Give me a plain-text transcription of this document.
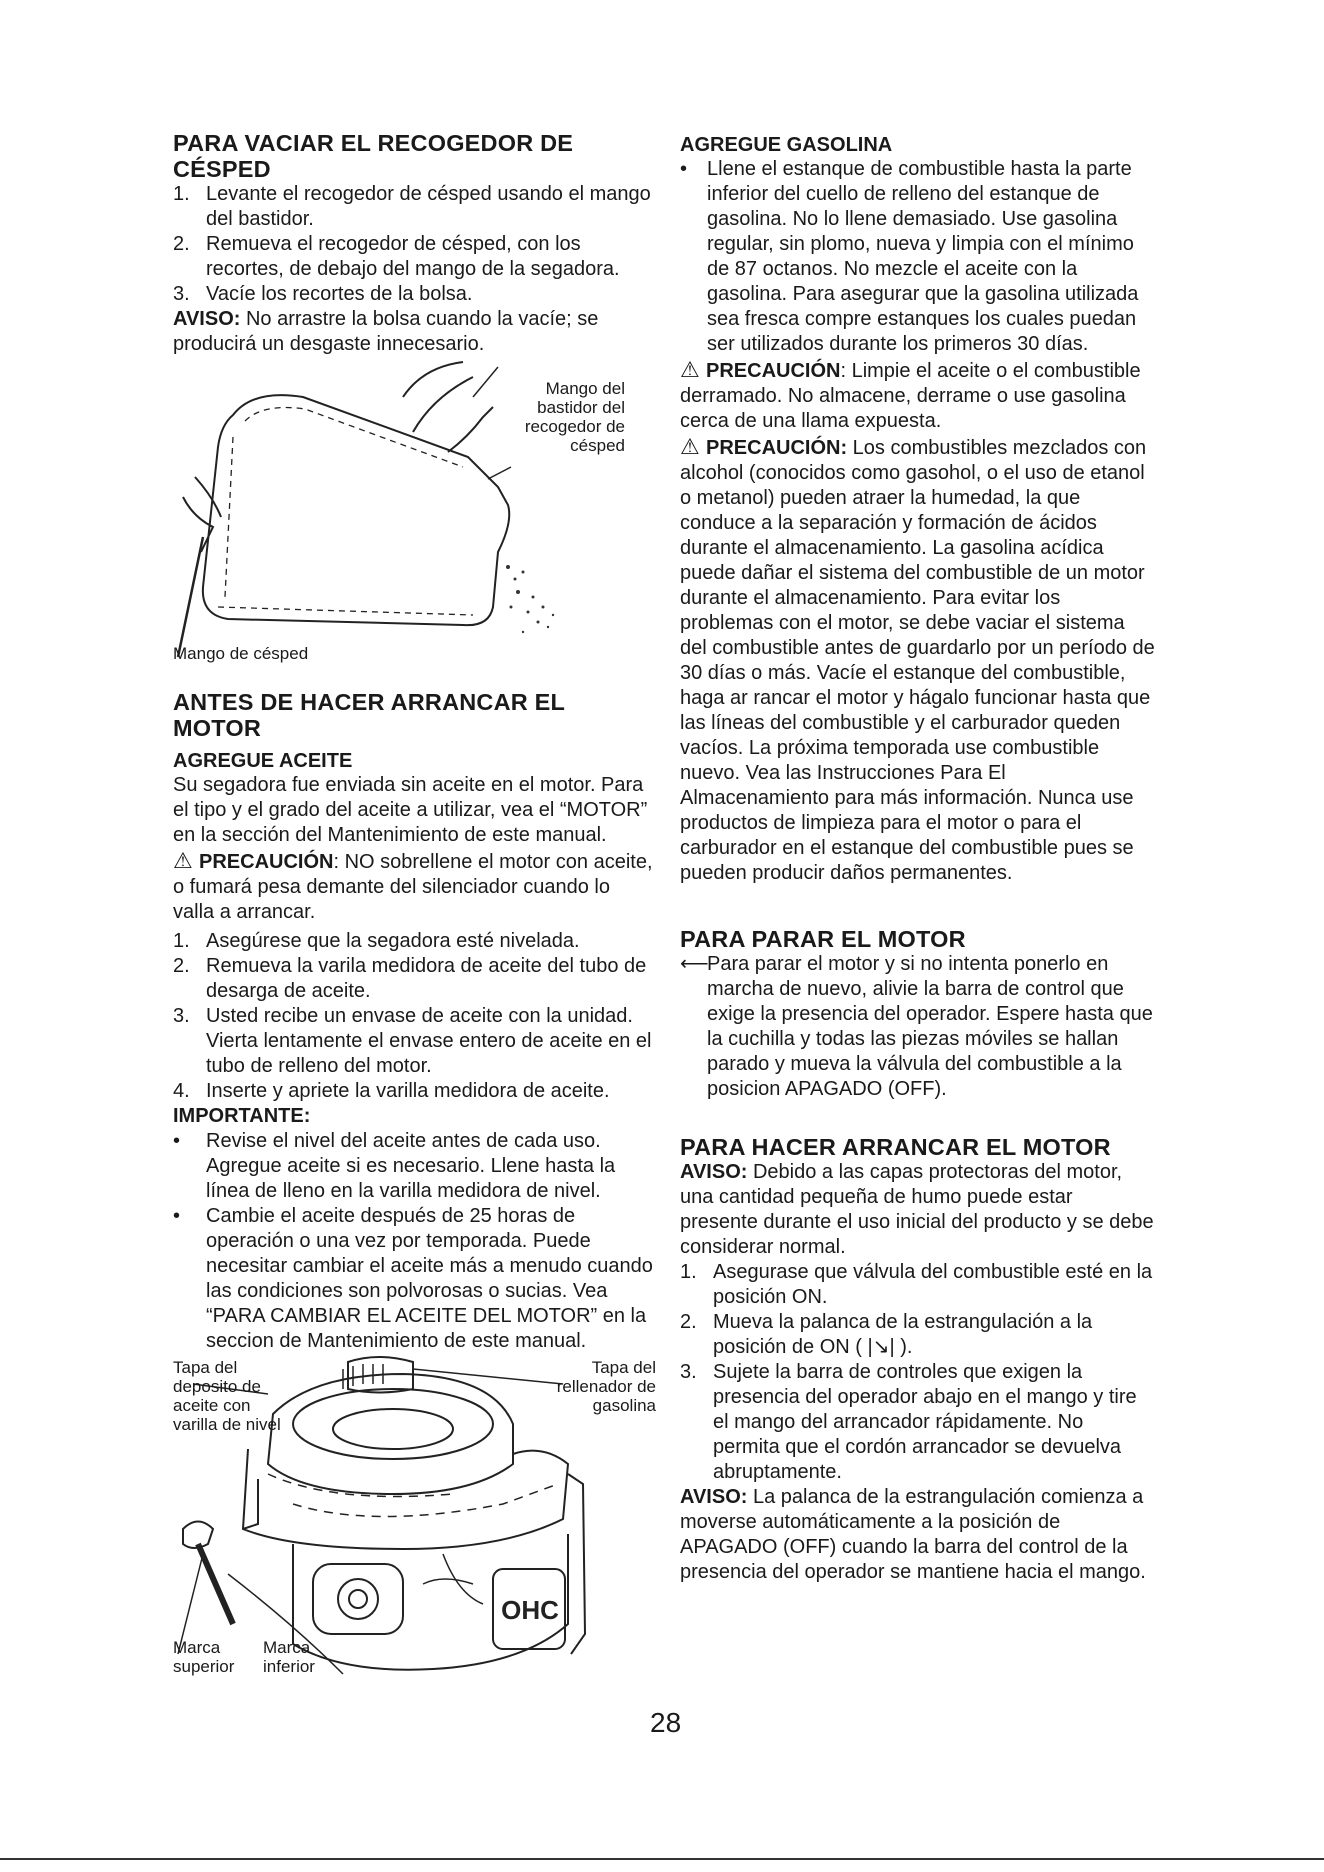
PARA VACIAR EL RECOGEDOR DE CÉSPED
1. Levante el recogedor de césped usando el mango del bastidor.
2. Remueva el recogedor de césped, con los recortes, de debajo del mango de la segadora.
3. Vacíe los recortes de la bolsa.

AVISO: No arrastre la bolsa cuando la vacíe; se producirá un desgaste innecesario.

Mango del bastidor del recogedor de césped
Mango de césped
ANTES DE HACER ARRANCAR EL MOTOR
AGREGUE ACEITE

Su segadora fue enviada sin aceite en el motor. Para el tipo y el grado del aceite a utilizar, vea el “MOTOR” en la sección del Mantenimiento de este manual.

⚠ PRECAUCIÓN: NO sobrellene el motor con aceite, o fumará pesa demante del silenciador cuando lo valla a arrancar.

1. Asegúrese que la segadora esté nivelada.
2. Remueva la varila medidora de aceite del tubo de desarga de aceite.
3. Usted recibe un envase de aceite con la unidad. Vierta lentamente el envase entero de aceite en el tubo de relleno del motor.
4. Inserte y apriete la varilla medidora de aceite.

IMPORTANTE:

• Revise el nivel del aceite antes de cada uso. Agregue aceite si es necesario. Llene hasta la línea de lleno en la varilla medidora de nivel.
• Cambie el aceite después de 25 horas de operación o una vez por temporada. Puede necesitar cambiar el aceite más a menudo cuando las condiciones son polvorosas o sucias. Vea “PARA CAMBIAR EL ACEITE DEL MOTOR” en la seccion de Mantenimiento de este manual.
OHC
Tapa del deposito de aceite con varilla de nivel
Tapa del rellenador de gasolina
Marca superior
Marca inferior
AGREGUE GASOLINA
• Llene el estanque de combustible hasta la parte inferior del cuello de relleno del estanque de gasolina. No lo llene demasiado. Use gasolina regular, sin plomo, nueva y limpia con el mínimo de 87 octanos. No mezcle el aceite con la gasolina. Para asegurar que la gasolina utilizada sea fresca compre estanques los cuales puedan ser utilizados durante los primeros 30 días.

⚠ PRECAUCIÓN: Limpie el aceite o el combustible derramado. No almacene, derrame o use gasolina cerca de una llama expuesta.

⚠ PRECAUCIÓN: Los combustibles mezclados con alcohol (conocidos como gasohol, o el uso de etanol o metanol) pueden atraer la humedad, la que conduce a la separación y formación de ácidos durante el almacenamiento. La gasolina acídica puede dañar el sistema del combustible de un motor durante el almacenamiento. Para evitar los problemas con el motor, se debe vaciar el sistema del combustible antes de guardarlo por un período de 30 días o más. Vacíe el estanque del combustible, haga ar rancar el motor y hágalo funcionar hasta que las líneas del combustible y el carburador queden vacíos. La próxima temporada use combustible nuevo. Vea las Instrucciones Para El Almacenamiento para más información. Nunca use productos de limpieza para el motor o para el carburador en el estanque del combustible pues se pueden producir daños permanentes.

PARA PARAR EL MOTOR
⟵
Para parar el motor y si no intenta ponerlo en marcha de nuevo, alivie la barra de control que exige la presencia del operador. Espere hasta que la cuchilla y todas las piezas móviles se hallan parado y mueva la válvula del combustible a la posicion APAGADO (OFF).
PARA HACER ARRANCAR EL MOTOR

AVISO: Debido a las capas protectoras del motor, una cantidad pequeña de humo puede estar presente durante el uso inicial del producto y se debe considerar normal.

1. Asegurase que válvula del combustible esté en la posición ON.
2. Mueva la palanca de la estrangulación a la posición de ON ( |↘| ).
3. Sujete la barra de controles que exigen la presencia del operador abajo en el mango y tire el mango del arrancador rápidamente. No permita que el cordón arrancador se devuelva abruptamente.

AVISO: La palanca de la estrangulación comienza a moverse automáticamente a la posición de APAGADO (OFF) cuando la barra del control de la presencia del operador se mantiene hacia el mango.

28
